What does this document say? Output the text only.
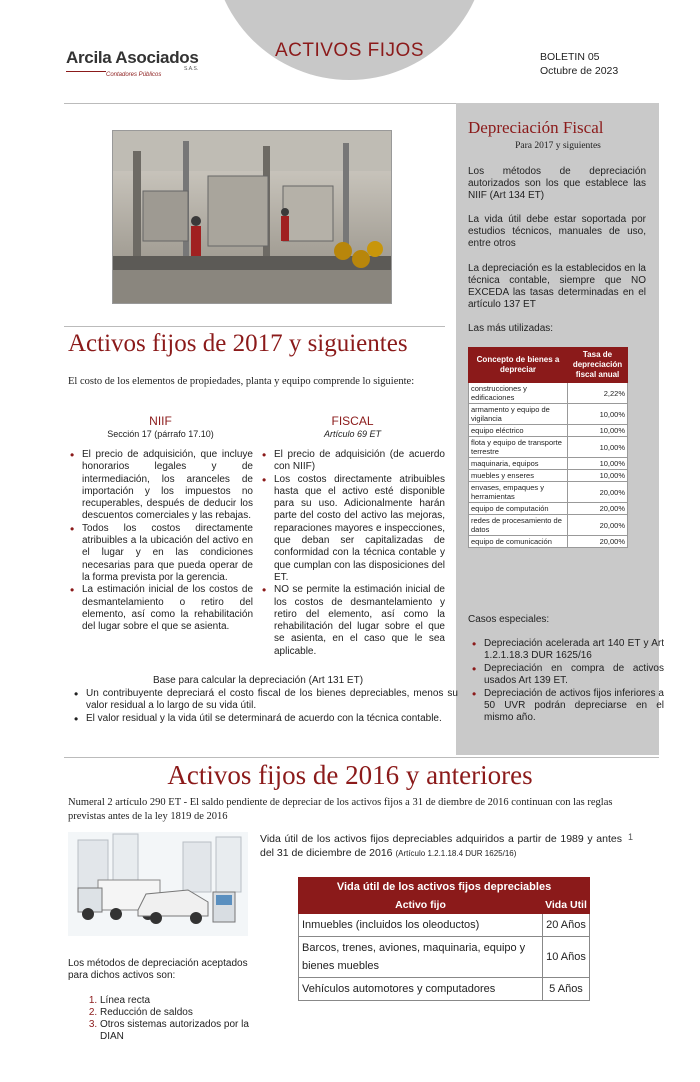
ACTIVOS FIJOS
Arcila Asociados
S.A.S.
Contadores Públicos
BOLETIN 05
Octubre de 2023
Depreciación Fiscal
Para 2017 y siguientes
Los métodos de depreciación autorizados son los que establece las NIIF (Art 134 ET)
La vida útil debe estar soportada por estudios técnicos, manuales de uso, entre otros
La depreciación es la establecidos en la técnica contable, siempre que NO EXCEDA las tasas determinadas en el artículo 137 ET
Las más utilizadas:
Concepto de bienes a depreciar	Tasa de depreciación fiscal anual
construcciones y edificaciones	2,22%
armamento y equipo de vigilancia	10,00%
equipo eléctrico	10,00%
flota y equipo de transporte terrestre	10,00%
maquinaria, equipos	10,00%
muebles y enseres	10,00%
envases, empaques y herramientas	20,00%
equipo de computación	20,00%
redes de procesamiento de datos	20,00%
equipo de comunicación	20,00%
Casos especiales:
• Depreciación acelerada art 140 ET y Art 1.2.1.18.3 DUR 1625/16
• Depreciación en compra de activos usados Art 139 ET.
• Depreciación de activos fijos inferiores a 50 UVR podrán depreciarse en el mismo año.
Activos fijos de 2017 y siguientes
El costo de los elementos de propiedades, planta y equipo comprende lo siguiente:
NIIF
Sección 17 (párrafo 17.10)
• El precio de adquisición, que incluye honorarios legales y de intermediación, los aranceles de importación y los impuestos no recuperables, después de deducir los descuentos comerciales y las rebajas.
• Todos los costos directamente atribuibles a la ubicación del activo en el lugar y en las condiciones necesarias para que pueda operar de la forma prevista por la gerencia.
• La estimación inicial de los costos de desmantelamiento o retiro del elemento, así como la rehabilitación del lugar sobre el que se asienta.
FISCAL
Artículo 69 ET
• El precio de adquisición (de acuerdo con NIIF)
• Los costos directamente atribuibles hasta que el activo esté disponible para su uso. Adicionalmente harán parte del costo del activo las mejoras, reparaciones mayores e inspecciones, que deban ser capitalizadas de conformidad con la técnica contable y que cumplan con las disposiciones del ET.
• NO se permite la estimación inicial de los costos de desmantelamiento y retiro del elemento, así como la rehabilitación del lugar sobre el que se asienta, en el caso que le sea aplicable.
Base para calcular la depreciación (Art 131 ET)
• Un contribuyente depreciará el costo fiscal de los bienes depreciables, menos su valor residual a lo largo de su vida útil.
• El valor residual y la vida útil se determinará de acuerdo con la técnica contable.
Activos fijos de 2016 y anteriores
Numeral 2 artículo 290 ET - El saldo pendiente de depreciar de los activos fijos a 31 de diembre de 2016 continuan con las reglas previstas antes de la ley 1819 de 2016
Vida útil de los activos fijos depreciables adquiridos a partir de 1989 y antes del 31 de diciembre de 2016 (Artículo 1.2.1.18.4 DUR 1625/16)
1
Vida útil de los activos fijos depreciables	
Activo fijo	Vida Util
Inmuebles (incluidos los oleoductos)	20 Años
Barcos, trenes, aviones, maquinaria, equipo y bienes muebles	10 Años
Vehículos automotores y computadores	5 Años
Los métodos de depreciación aceptados para dichos activos son:
1. Línea recta
2. Reducción de saldos
3. Otros sistemas autorizados por la DIAN
